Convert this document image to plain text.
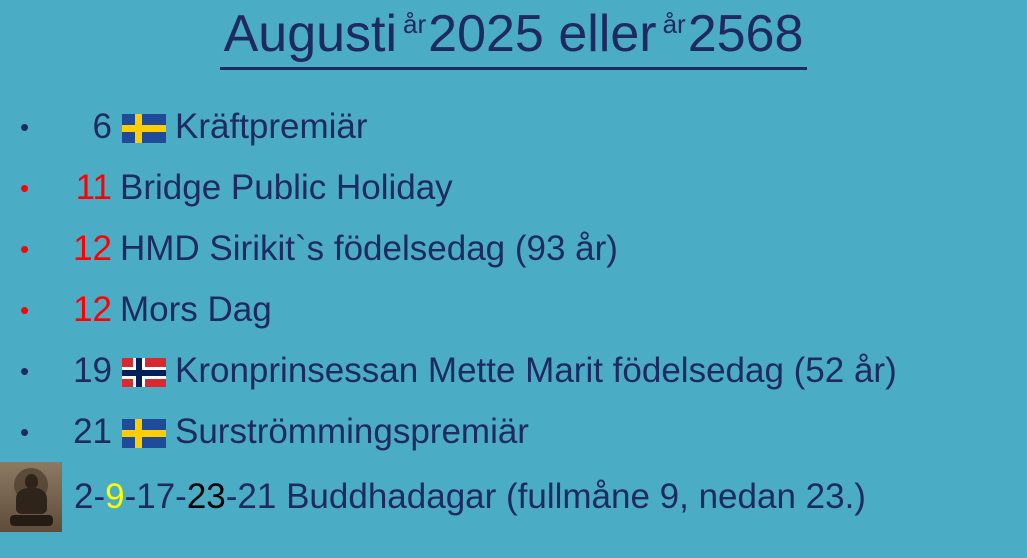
Augusti $^{år}$2025 eller $^{år}$2568
•	6 Kräftpremiär
•	11 Bridge Public Holiday
•	12 HMD Sirikit`s födelsedag (93 år)
•	12 Mors Dag
•	19 Kronprinsessan Mette Marit födelsedag (52 år)
•	21 Surströmmingspremiär
2- 9 -17- 23 -21 Buddhadagar (fullmåne 9, nedan 23.)
